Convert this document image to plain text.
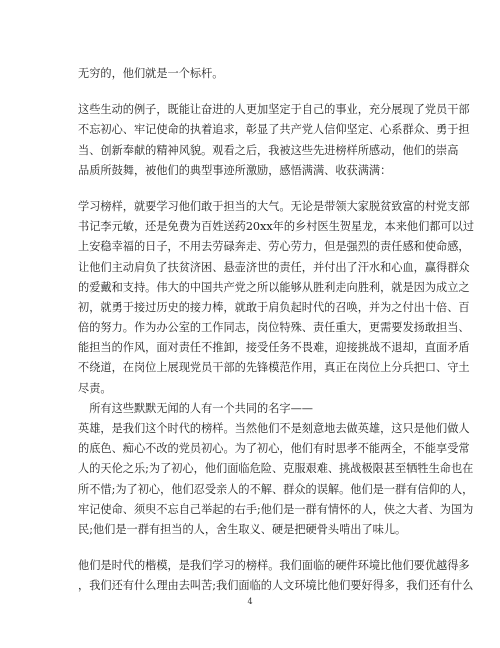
无穷的，他们就是一个标杆。
这些生动的例子，既能让奋进的人更加坚定于自己的事业，充分展现了党员干部
不忘初心、牢记使命的执着追求，彰显了共产党人信仰坚定、心系群众、勇于担
当、创新奉献的精神风貌。观看之后，我被这些先进榜样所感动，他们的崇高
品质所鼓舞，被他们的典型事迹所激励，感悟满满、收获满满：
学习榜样，就要学习他们敢于担当的大气。无论是带领大家脱贫致富的村党支部
书记李元敏，还是免费为百姓送药20xx年的乡村医生贺星龙，本来他们都可以过
上安稳幸福的日子，不用去劳碌奔走、劳心劳力，但是强烈的责任感和使命感，
让他们主动肩负了扶贫济困、悬壶济世的责任，并付出了汗水和心血，赢得群众
的爱戴和支持。伟大的中国共产党之所以能够从胜利走向胜利，就是因为成立之
初，就勇于接过历史的接力棒，就敢于肩负起时代的召唤，并为之付出十倍、百
倍的努力。作为办公室的工作同志，岗位特殊、责任重大，更需要发扬敢担当、
能担当的作风，面对责任不推卸，接受任务不畏难，迎接挑战不退却，直面矛盾
不绕道，在岗位上展现党员干部的先锋模范作用，真正在岗位上分兵把口、守土
尽责。
　所有这些默默无闻的人有一个共同的名字——
英雄，是我们这个时代的榜样。当然他们不是刻意地去做英雄，这只是他们做人
的底色、痴心不改的党员初心。为了初心，他们有时思孝不能两全，不能享受常
人的天伦之乐;为了初心，他们面临危险、克服艰难、挑战极限甚至牺牲生命也在
所不惜;为了初心，他们忍受亲人的不解、群众的误解。他们是一群有信仰的人，
牢记使命、须臾不忘自己举起的右手;他们是一群有情怀的人，侠之大者、为国为
民;他们是一群有担当的人，舍生取义、硬是把硬骨头啃出了味儿。
他们是时代的楷模，是我们学习的榜样。我们面临的硬件环境比他们要优越得多
，我们还有什么理由去叫苦;我们面临的人文环境比他们要好得多，我们还有什么
4
